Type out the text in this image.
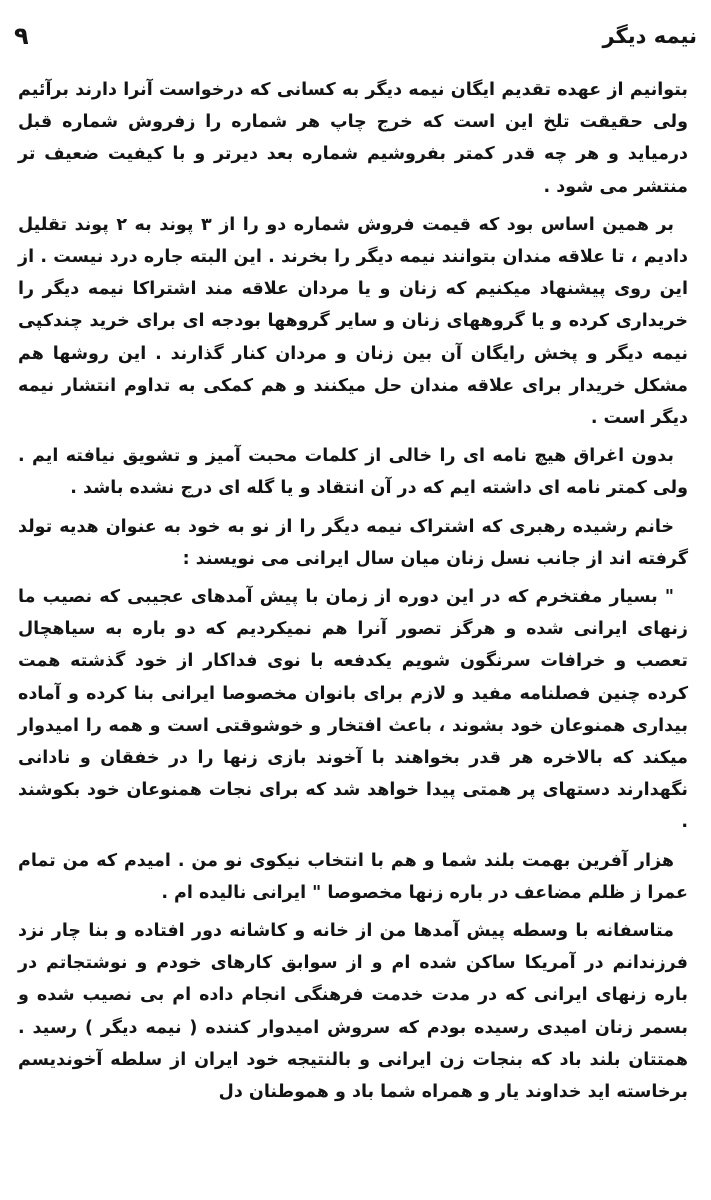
۹	نیمه دیگر

بتوانیم از عهده تقدیم ایگان نیمه دیگر به کسانی که درخواست آنرا دارند برآئیم ولی حقیقت تلخ این است که خرج چاپ هر شماره را زفروش شماره قبل درمیاید و هر چه قدر کمتر بفروشیم شماره بعد دیرتر و با کیفیت ضعیف تر منتشر می شود .

بر همین اساس بود که قیمت فروش شماره دو را از ۳ پوند به ۲ پوند تقلیل دادیم ، تا علاقه مندان بتوانند نیمه دیگر را بخرند . این البته جاره درد نیست . از این روی پیشنهاد میکنیم که زنان و یا مردان علاقه مند اشتراکا نیمه دیگر را خریداری کرده و یا گروههای زنان و سایر گروهها بودجه ای برای خرید چندکپی نیمه دیگر و پخش رایگان آن بین زنان و مردان کنار گذارند . این روشها هم مشکل خریدار برای علاقه مندان حل میکنند و هم کمکی به تداوم انتشار نیمه دیگر است .

بدون اغراق هیچ نامه ای را خالی از کلمات محبت آمیز و تشویق نیافته ایم . ولی کمتر نامه ای داشته ایم که در آن انتقاد و یا گله ای درج نشده باشد .

خانم رشیده رهبری که اشتراک نیمه دیگر را از نو به خود به عنوان هدیه تولد گرفته اند از جانب نسل زنان میان سال ایرانی می نویسند :

" بسیار مفتخرم که در این دوره از زمان با پیش آمدهای عجیبی که نصیب ما زنهای ایرانی شده و هرگز تصور آنرا هم نمیکردیم که دو باره به سیاهچال تعصب و خرافات سرنگون شویم یکدفعه با نوی فداکار از خود گذشته همت کرده چنین فصلنامه مفید و لازم برای بانوان مخصوصا ایرانی بنا کرده و آماده بیداری همنوعان خود بشوند ، باعث افتخار و خوشوقتی است و همه را امیدوار میکند که بالاخره هر قدر بخواهند با آخوند بازی زنها را در خفقان و نادانی نگهدارند دستهای پر همتی پیدا خواهد شد که برای نجات همنوعان خود بکوشند .

هزار آفرین بهمت بلند شما و هم با انتخاب نیکوی نو من . امیدم که من تمام عمرا ز ظلم مضاعف در باره زنها مخصوصا " ایرانی نالیده ام .

متاسفانه با وسطه پیش آمدها من از خانه و کاشانه دور افتاده و بنا چار نزد فرزندانم در آمریکا ساکن شده ام و از سوابق کارهای خودم و نوشتجاتم در باره زنهای ایرانی که در مدت خدمت فرهنگی انجام داده ام بی نصیب شده و بسمر زنان امیدی رسیده بودم که سروش امیدوار کننده ( نیمه دیگر ) رسید . همتتان بلند باد که بنجات زن ایرانی و بالنتیجه خود ایران از سلطه آخوندیسم برخاسته اید خداوند یار و همراه شما باد و هموطنان دل
